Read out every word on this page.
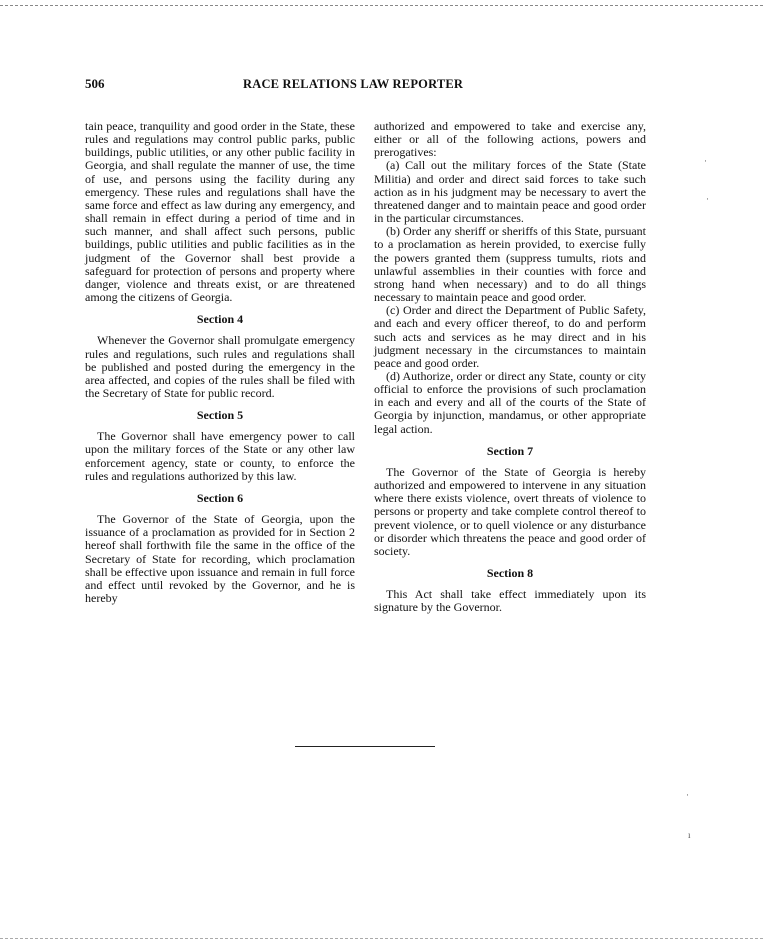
506	RACE RELATIONS LAW REPORTER

tain peace, tranquility and good order in the State, these rules and regulations may control public parks, public buildings, public utilities, or any other public facility in Georgia, and shall regulate the manner of use, the time of use, and persons using the facility during any emergency. These rules and regulations shall have the same force and effect as law during any emergency, and shall remain in effect during a period of time and in such manner, and shall affect such persons, public buildings, public utilities and public facilities as in the judgment of the Governor shall best provide a safeguard for protection of persons and property where danger, violence and threats exist, or are threatened among the citizens of Georgia.

Section 4

Whenever the Governor shall promulgate emergency rules and regulations, such rules and regulations shall be published and posted during the emergency in the area affected, and copies of the rules shall be filed with the Secretary of State for public record.

Section 5

The Governor shall have emergency power to call upon the military forces of the State or any other law enforcement agency, state or county, to enforce the rules and regulations authorized by this law.

Section 6

The Governor of the State of Georgia, upon the issuance of a proclamation as provided for in Section 2 hereof shall forthwith file the same in the office of the Secretary of State for recording, which proclamation shall be effective upon issuance and remain in full force and effect until revoked by the Governor, and he is hereby

authorized and empowered to take and exercise any, either or all of the following actions, powers and prerogatives:

(a) Call out the military forces of the State (State Militia) and order and direct said forces to take such action as in his judgment may be necessary to avert the threatened danger and to maintain peace and good order in the particular circumstances.

(b) Order any sheriff or sheriffs of this State, pursuant to a proclamation as herein provided, to exercise fully the powers granted them (suppress tumults, riots and unlawful assemblies in their counties with force and strong hand when necessary) and to do all things necessary to maintain peace and good order.

(c) Order and direct the Department of Public Safety, and each and every officer thereof, to do and perform such acts and services as he may direct and in his judgment necessary in the circumstances to maintain peace and good order.

(d) Authorize, order or direct any State, county or city official to enforce the provisions of such proclamation in each and every and all of the courts of the State of Georgia by injunction, mandamus, or other appropriate legal action.

Section 7

The Governor of the State of Georgia is hereby authorized and empowered to intervene in any situation where there exists violence, overt threats of violence to persons or property and take complete control thereof to prevent violence, or to quell violence or any disturbance or disorder which threatens the peace and good order of society.

Section 8

This Act shall take effect immediately upon its signature by the Governor.

·
·
·
ı
